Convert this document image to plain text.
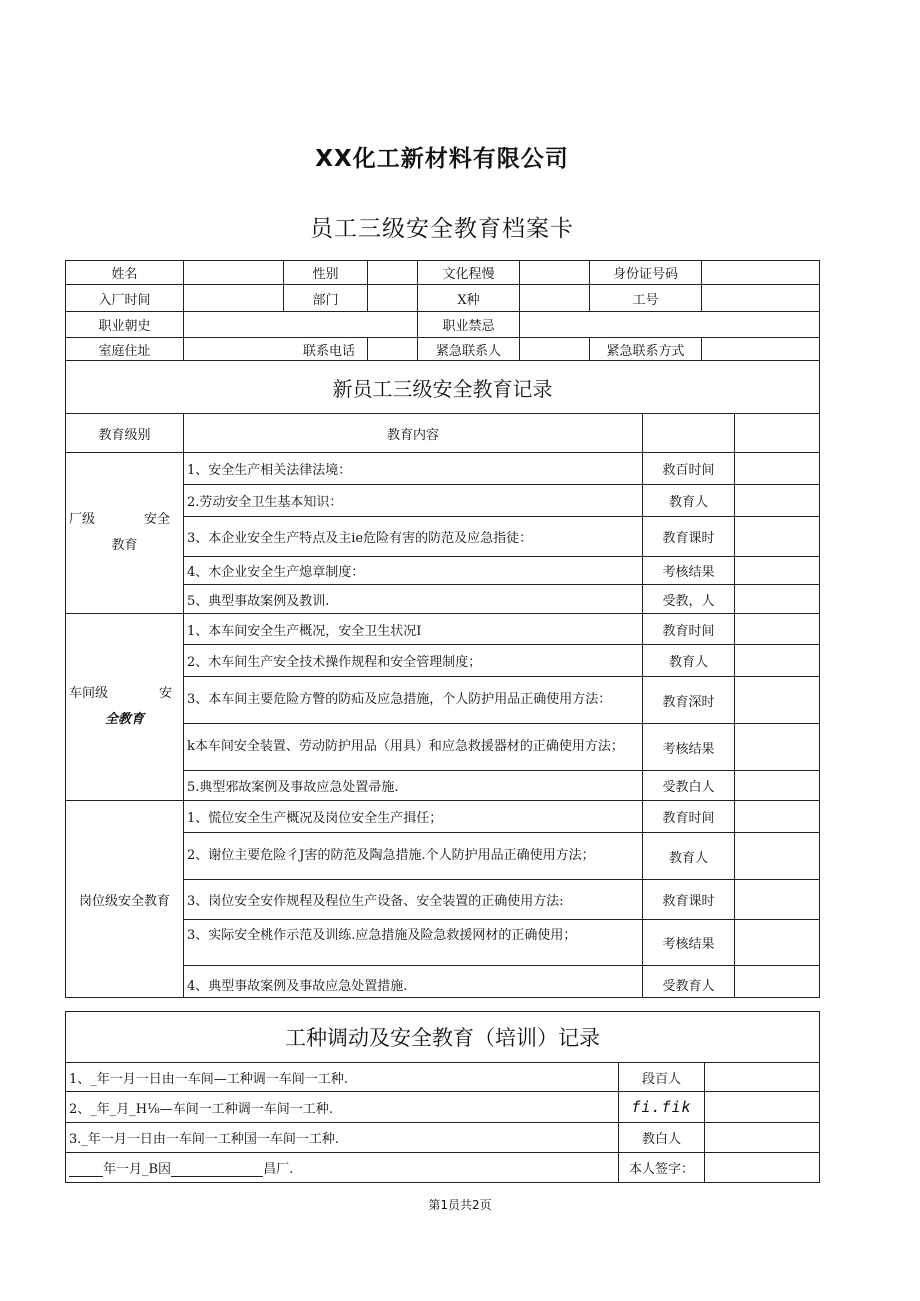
XX化工新材料有限公司
员工三级安全教育档案卡
姓名		性别		文化程慢		身份证号码	
入厂时间		部门		X种		工号	
职业朝史				职业禁忌			
室庭住址	联系电话			紧急联系人		紧急联系方式	
新员工三级安全教育记录			
教育级别	教育内容		

厂级 安全
教育	1、安全生产相关法律法境：	救百时间	
	2.劳动安全卫生基本知识：	教育人	
	3、本企业安全生产特点及主ⅰe危险有害的防范及应急指徒：	教育课时	
	4、木企业安全生产熄章制度：	考核结果	
	5、典型事故案例及教训.	受教，人	

车间级 安
全教育	1、本车间安全生产概况，安全卫生状况I	教育时间	
	2、木车间生产安全技术操作规程和安全管理制度；	教育人	
	3、本车间主要危险方瞥的防疝及应急措施，个人防护用品正确使用方法：	教育深时	
	k本车间安全装置、劳动防护用品（用具）和应急救援器材的正确使用方法；	考核结果	
	5.典型邪故案例及事故应急处置帚施.	受教白人	
岗位级安全教育	1、慌位安全生产概况及岗位安全生产揖任；	教育时间	
	2、谢位主要危险彳J害的防范及陶急措施.个人防护用品正确使用方法；	教育人	
	3、岗位安全安作规程及程位生产设备、安全装置的正确使用方法:	救育课时	
	3、实际安全桃作示范及训练.应急措施及险急救援网材的正确使用；	考核结果	
	4、典型事故案例及事故应急处置措施.	受教育人	
工种调动及安全教育（培训）记录		
1、_年一月一日由一车间—工种调一车间一工种.	段百人	
2、_年_月_H⅛—车间一工种调一车间一工种.	fi.fik	
3._年一月一日由一车间一工种国一车间一工种.	教白人	
年一月_B因 昌厂.	本人签字：	
第1员共2页
